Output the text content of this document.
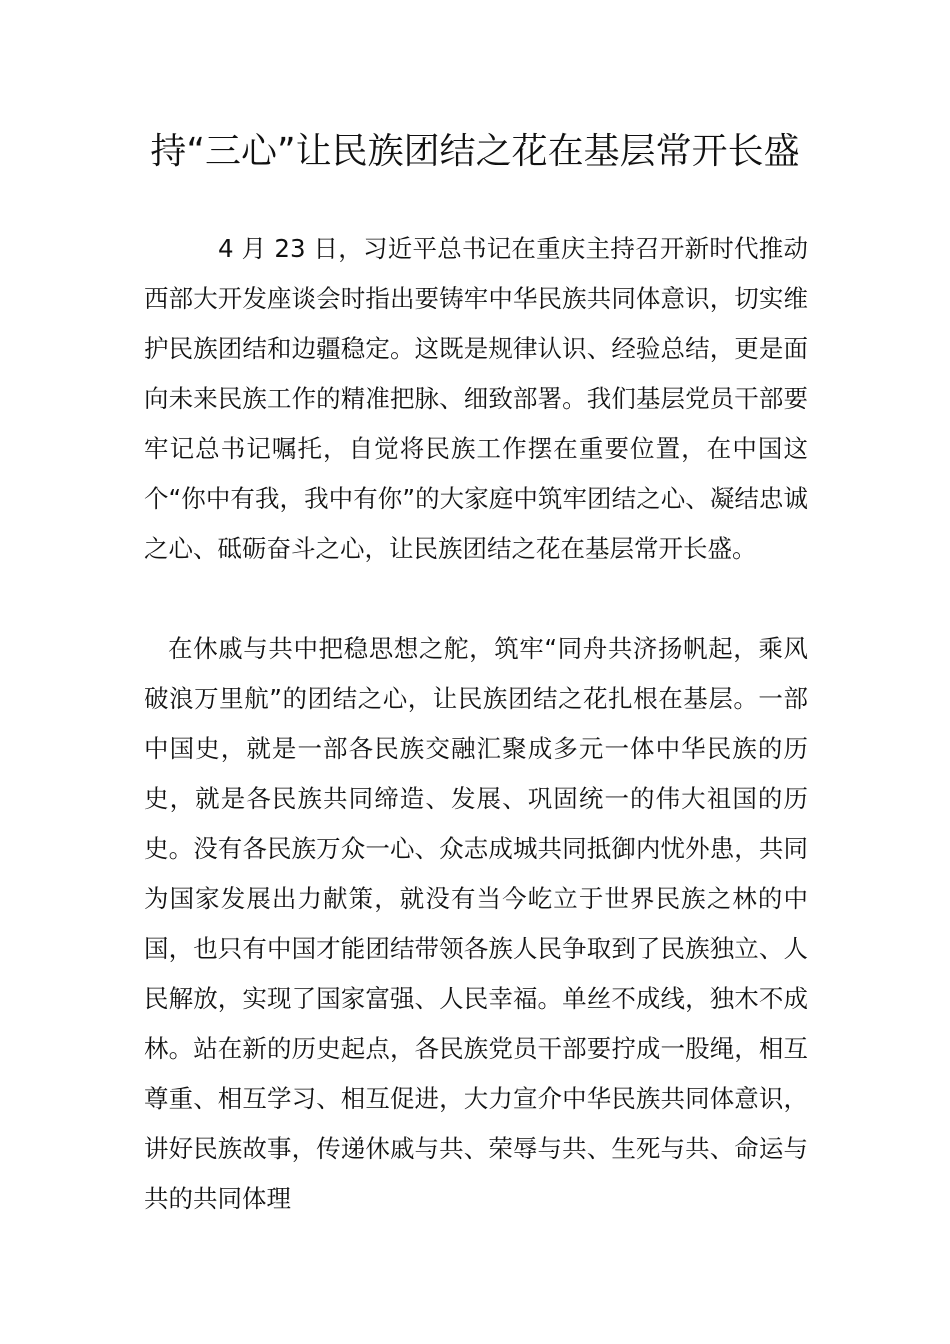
持“三心”让民族团结之花在基层常开长盛

4 月 23 日，习近平总书记在重庆主持召开新时代推动西部大开发座谈会时指出要铸牢中华民族共同体意识，切实维护民族团结和边疆稳定。这既是规律认识、经验总结，更是面向未来民族工作的精准把脉、细致部署。我们基层党员干部要牢记总书记嘱托，自觉将民族工作摆在重要位置，在中国这个“你中有我，我中有你”的大家庭中筑牢团结之心、凝结忠诚之心、砥砺奋斗之心，让民族团结之花在基层常开长盛。

在休戚与共中把稳思想之舵，筑牢“同舟共济扬帆起，乘风破浪万里航”的团结之心，让民族团结之花扎根在基层。一部中国史，就是一部各民族交融汇聚成多元一体中华民族的历史，就是各民族共同缔造、发展、巩固统一的伟大祖国的历史。没有各民族万众一心、众志成城共同抵御内忧外患，共同为国家发展出力献策，就没有当今屹立于世界民族之林的中国，也只有中国才能团结带领各族人民争取到了民族独立、人民解放，实现了国家富强、人民幸福。单丝不成线，独木不成林。站在新的历史起点，各民族党员干部要拧成一股绳，相互尊重、相互学习、相互促进，大力宣介中华民族共同体意识，讲好民族故事，传递休戚与共、荣辱与共、生死与共、命运与共的共同体理
